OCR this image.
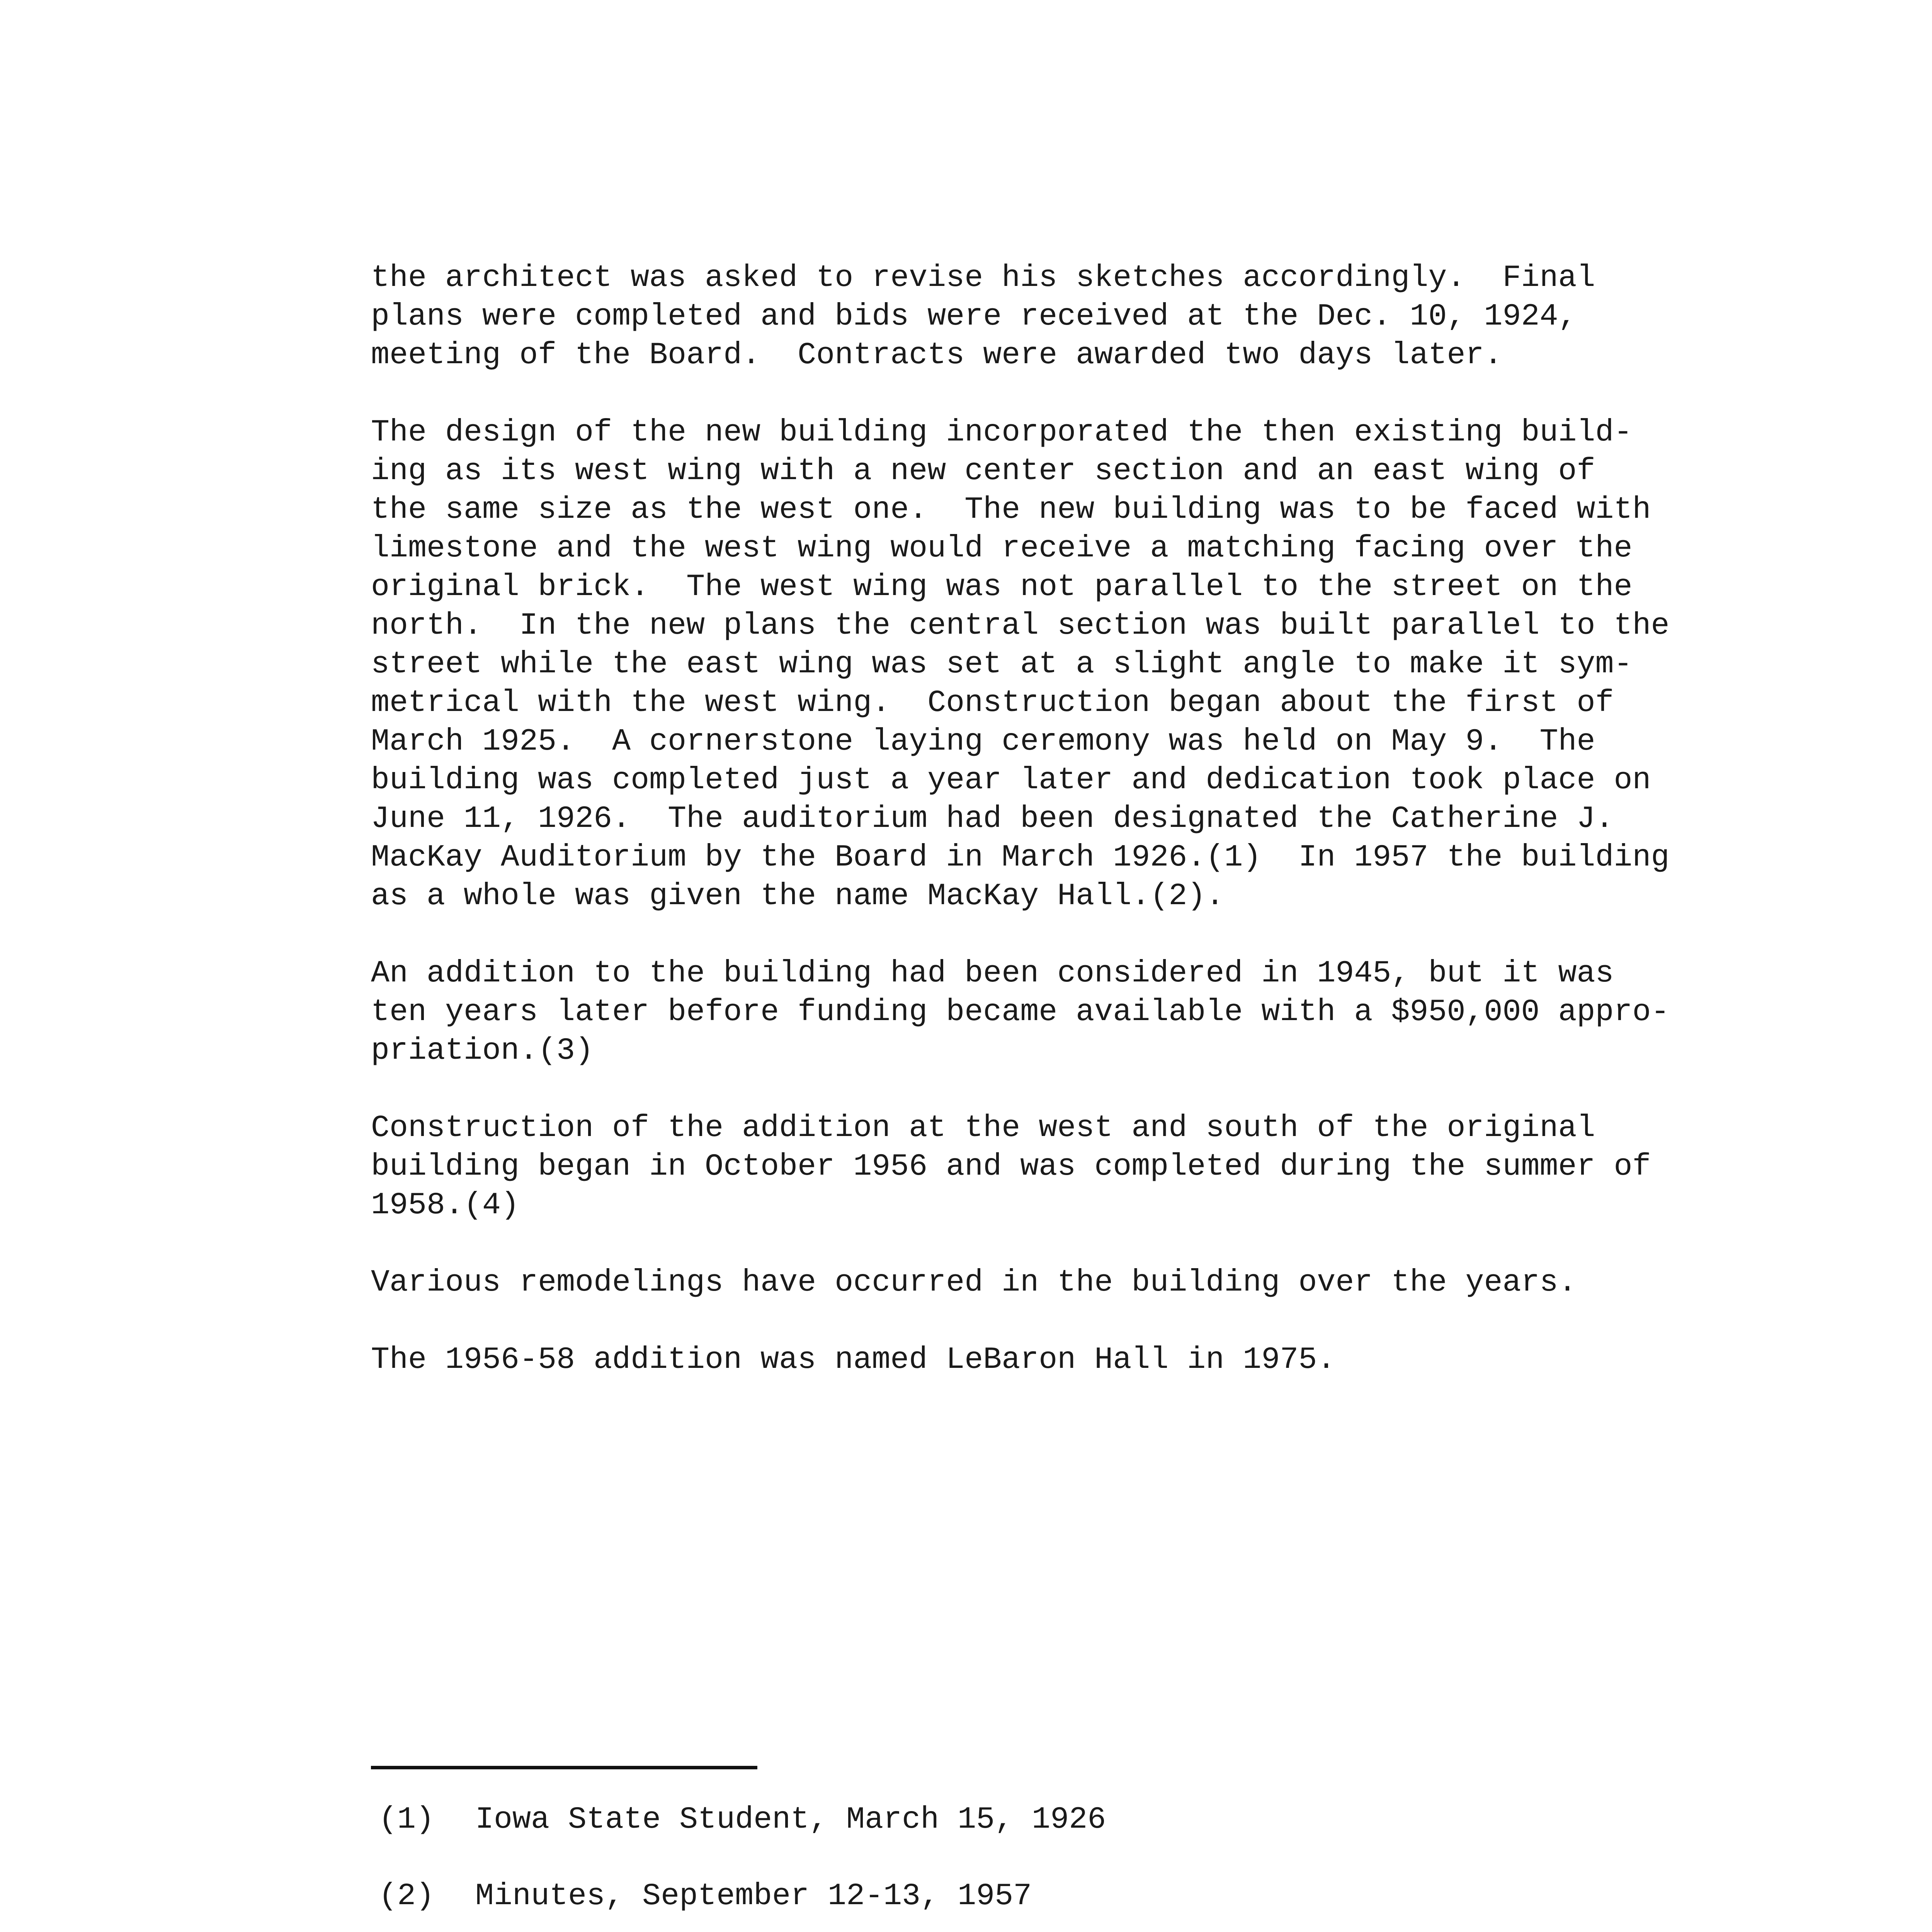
the architect was asked to revise his sketches accordingly.  Final
plans were completed and bids were received at the Dec. 10, 1924,
meeting of the Board.  Contracts were awarded two days later.

The design of the new building incorporated the then existing build-
ing as its west wing with a new center section and an east wing of
the same size as the west one.  The new building was to be faced with
limestone and the west wing would receive a matching facing over the
original brick.  The west wing was not parallel to the street on the
north.  In the new plans the central section was built parallel to the
street while the east wing was set at a slight angle to make it sym-
metrical with the west wing.  Construction began about the first of
March 1925.  A cornerstone laying ceremony was held on May 9.  The
building was completed just a year later and dedication took place on
June 11, 1926.  The auditorium had been designated the Catherine J.
MacKay Auditorium by the Board in March 1926.(1)  In 1957 the building
as a whole was given the name MacKay Hall.(2).

An addition to the building had been considered in 1945, but it was
ten years later before funding became available with a $950,000 appro-
priation.(3)

Construction of the addition at the west and south of the original
building began in October 1956 and was completed during the summer of
1958.(4)

Various remodelings have occurred in the building over the years.

The 1956-58 addition was named LeBaron Hall in 1975.

(1)	Iowa State Student, March 15, 1926
(2)	Minutes, September 12-13, 1957
